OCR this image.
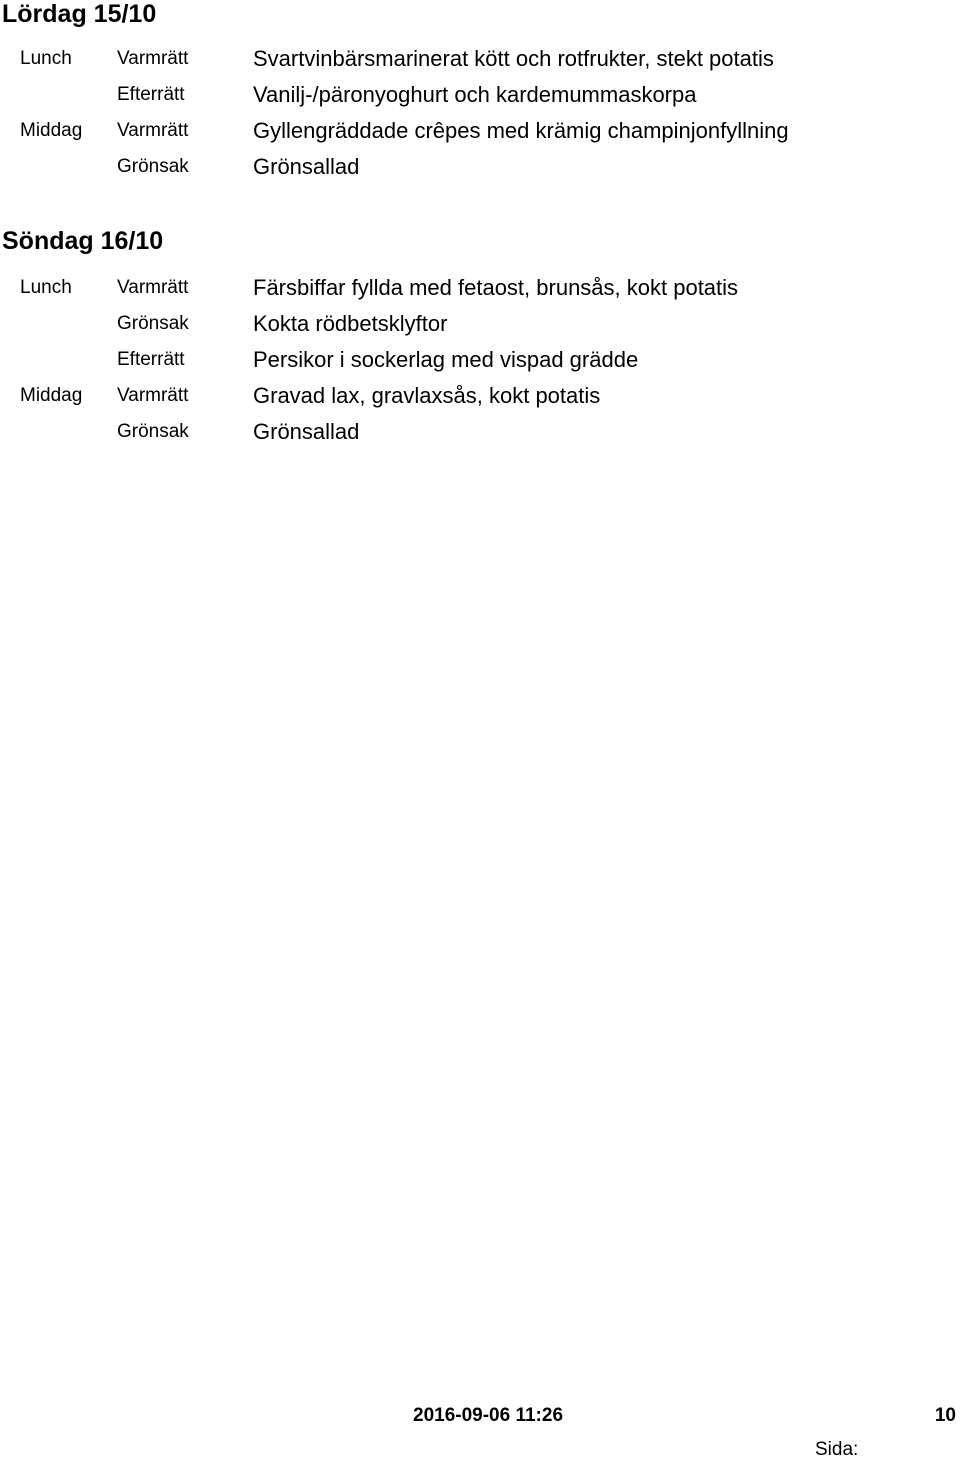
Lördag 15/10
Lunch Varmrätt	Svartvinbärsmarinerat kött och rotfrukter, stekt potatis
Efterrätt	Vanilj-/päronyoghurt och kardemummaskorpa
Middag Varmrätt	Gyllengräddade crêpes med krämig champinjonfyllning
Grönsak	Grönsallad
Söndag 16/10
Lunch Varmrätt	Färsbiffar fyllda med fetaost, brunsås, kokt potatis
Grönsak	Kokta rödbetsklyftor
Efterrätt	Persikor i sockerlag med vispad grädde
Middag Varmrätt	Gravad lax, gravlaxsås, kokt potatis
Grönsak	Grönsallad
2016-09-06 11:26	10
Sida:
